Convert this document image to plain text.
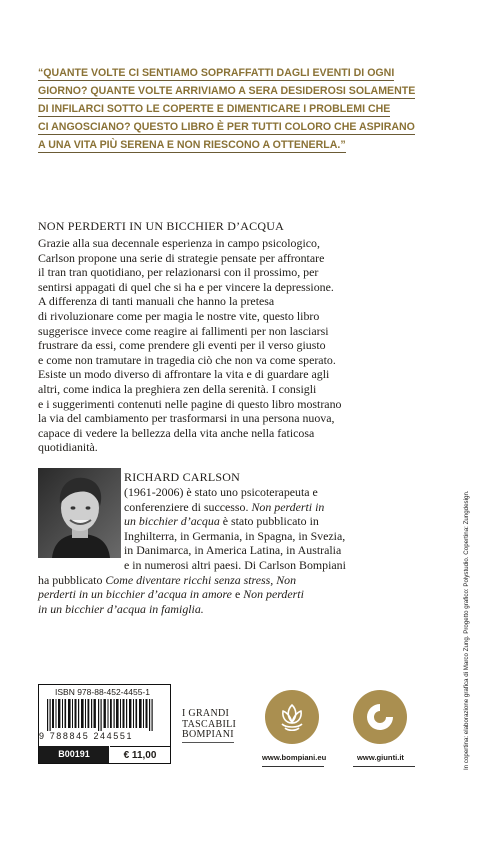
“QUANTE VOLTE CI SENTIAMO SOPRAFFATTI DAGLI EVENTI DI OGNI
GIORNO? QUANTE VOLTE ARRIVIAMO A SERA DESIDEROSI SOLAMENTE
DI INFILARCI SOTTO LE COPERTE E DIMENTICARE I PROBLEMI CHE
CI ANGOSCIANO? QUESTO LIBRO È PER TUTTI COLORO CHE ASPIRANO
A UNA VITA PIÙ SERENA E NON RIESCONO A OTTENERLA.”
NON PERDERTI IN UN BICCHIER D’ACQUA
Grazie alla sua decennale esperienza in campo psicologico,
Carlson propone una serie di strategie pensate per affrontare
il tran tran quotidiano, per relazionarsi con il prossimo, per
sentirsi appagati di quel che si ha e per vincere la depressione.
A differenza di tanti manuali che hanno la pretesa
di rivoluzionare come per magia le nostre vite, questo libro
suggerisce invece come reagire ai fallimenti per non lasciarsi
frustrare da essi, come prendere gli eventi per il verso giusto
e come non tramutare in tragedia ciò che non va come sperato.
Esiste un modo diverso di affrontare la vita e di guardare agli
altri, come indica la preghiera zen della serenità. I consigli
e i suggerimenti contenuti nelle pagine di questo libro mostrano
la via del cambiamento per trasformarsi in una persona nuova,
capace di vedere la bellezza della vita anche nella faticosa
quotidianità.
RICHARD CARLSON
(1961-2006) è stato uno psicoterapeuta e
conferenziere di successo. Non perderti in
un bicchier d’acqua è stato pubblicato in
Inghilterra, in Germania, in Spagna, in Svezia,
in Danimarca, in America Latina, in Australia
e in numerosi altri paesi. Di Carlson Bompiani
ha pubblicato Come diventare ricchi senza stress, Non
perderti in un bicchier d’acqua in amore e Non perderti
in un bicchier d’acqua in famiglia.
ISBN 978-88-452-4455-1
9 788845 244551
B00191	€ 11,00
I GRANDI
TASCABILI
BOMPIANI
www.bompiani.eu	www.giunti.it	In copertina: elaborazione grafica di Marco Zung. Progetto grafico: Polystudio. Copertina: Zungdesign.
